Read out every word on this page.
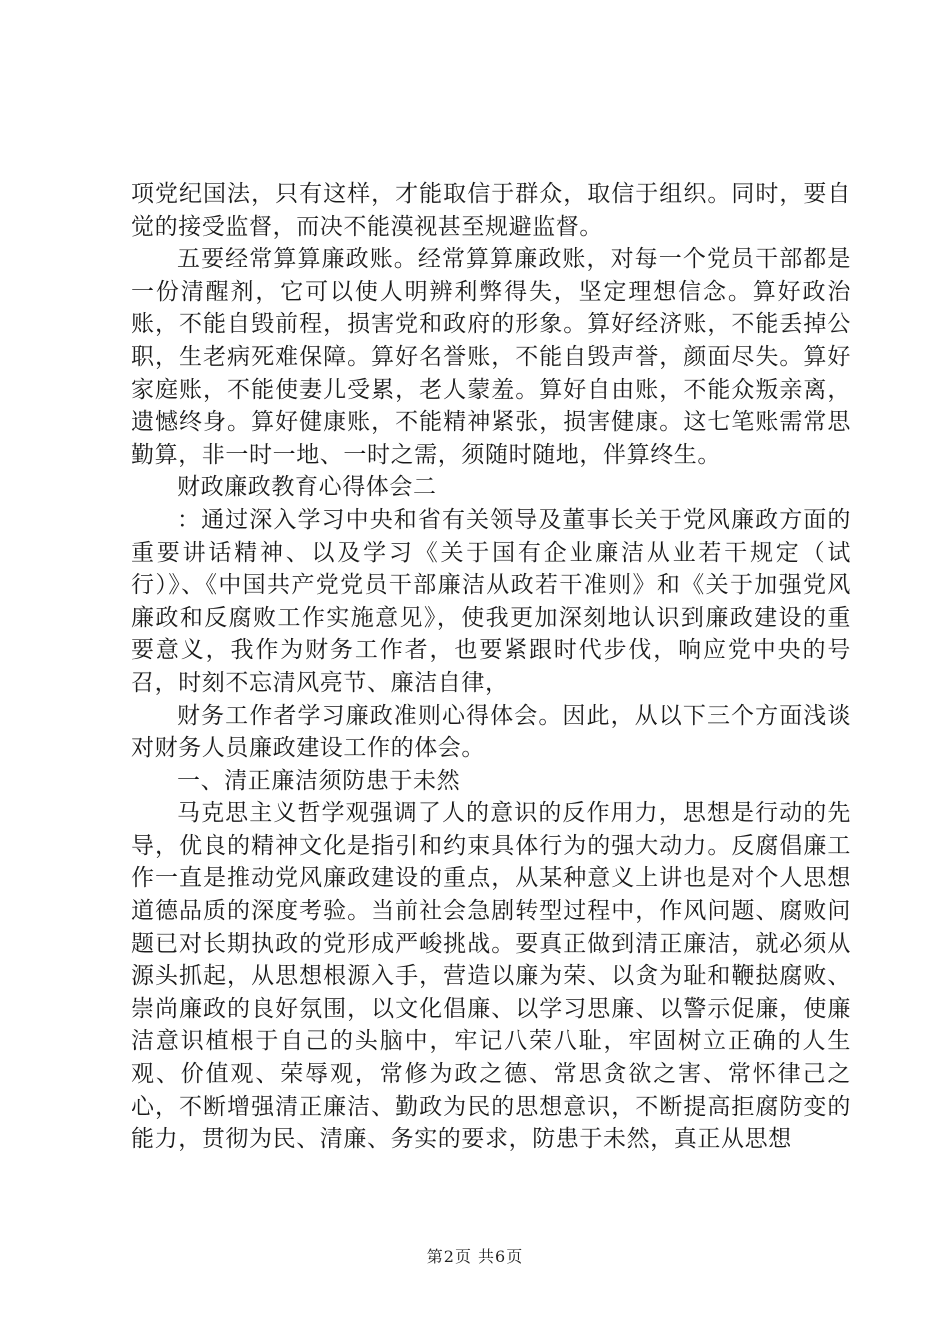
项党纪国法，只有这样，才能取信于群众，取信于组织。同时，要自觉的接受监督，而决不能漠视甚至规避监督。

五要经常算算廉政账。经常算算廉政账，对每一个党员干部都是一份清醒剂，它可以使人明辨利弊得失，坚定理想信念。算好政治账，不能自毁前程，损害党和政府的形象。算好经济账，不能丢掉公职，生老病死难保障。算好名誉账，不能自毁声誉，颜面尽失。算好家庭账，不能使妻儿受累，老人蒙羞。算好自由账，不能众叛亲离，遗憾终身。算好健康账，不能精神紧张，损害健康。这七笔账需常思勤算，非一时一地、一时之需，须随时随地，伴算终生。

财政廉政教育心得体会二

：通过深入学习中央和省有关领导及董事长关于党风廉政方面的重要讲话精神、以及学习《关于国有企业廉洁从业若干规定（试行）》、《中国共产党党员干部廉洁从政若干准则》和《关于加强党风廉政和反腐败工作实施意见》，使我更加深刻地认识到廉政建设的重要意义，我作为财务工作者，也要紧跟时代步伐，响应党中央的号召，时刻不忘清风亮节、廉洁自律，

财务工作者学习廉政准则心得体会。因此，从以下三个方面浅谈对财务人员廉政建设工作的体会。

一、清正廉洁须防患于未然

马克思主义哲学观强调了人的意识的反作用力，思想是行动的先导，优良的精神文化是指引和约束具体行为的强大动力。反腐倡廉工作一直是推动党风廉政建设的重点，从某种意义上讲也是对个人思想道德品质的深度考验。当前社会急剧转型过程中，作风问题、腐败问题已对长期执政的党形成严峻挑战。要真正做到清正廉洁，就必须从源头抓起，从思想根源入手，营造以廉为荣、以贪为耻和鞭挞腐败、崇尚廉政的良好氛围，以文化倡廉、以学习思廉、以警示促廉，使廉洁意识植根于自己的头脑中，牢记八荣八耻，牢固树立正确的人生观、价值观、荣辱观，常修为政之德、常思贪欲之害、常怀律己之心，不断增强清正廉洁、勤政为民的思想意识，不断提高拒腐防变的能力，贯彻为民、清廉、务实的要求，防患于未然，真正从思想

第2页 共6页
